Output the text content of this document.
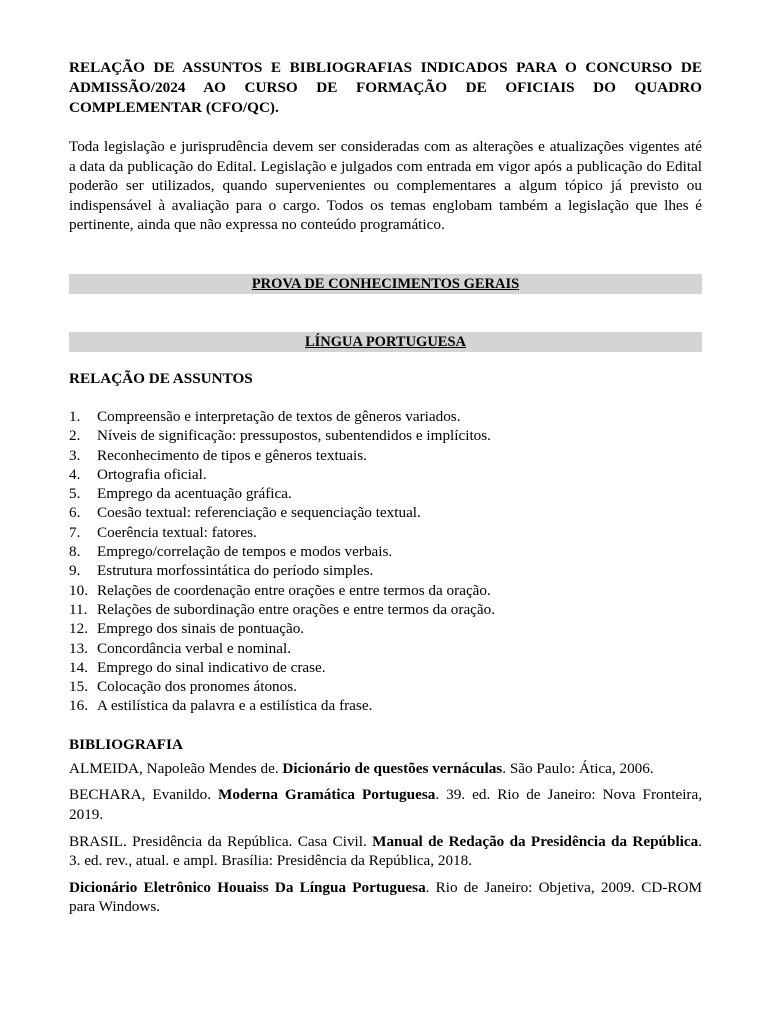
RELAÇÃO DE ASSUNTOS E BIBLIOGRAFIAS INDICADOS PARA O CONCURSO DE
ADMISSÃO/2024 AO CURSO DE FORMAÇÃO DE OFICIAIS DO QUADRO
COMPLEMENTAR (CFO/QC).
Toda legislação e jurisprudência devem ser consideradas com as alterações e atualizações vigentes até
a data da publicação do Edital. Legislação e julgados com entrada em vigor após a publicação do Edital
poderão ser utilizados, quando supervenientes ou complementares a algum tópico já previsto ou
indispensável à avaliação para o cargo. Todos os temas englobam também a legislação que lhes é
pertinente, ainda que não expressa no conteúdo programático.
PROVA DE CONHECIMENTOS GERAIS
LÍNGUA PORTUGUESA
RELAÇÃO DE ASSUNTOS
1.	Compreensão e interpretação de textos de gêneros variados.
2.	Níveis de significação: pressupostos, subentendidos e implícitos.
3.	Reconhecimento de tipos e gêneros textuais.
4.	Ortografia oficial.
5.	Emprego da acentuação gráfica.
6.	Coesão textual: referenciação e sequenciação textual.
7.	Coerência textual: fatores.
8.	Emprego/correlação de tempos e modos verbais.
9.	Estrutura morfossintática do período simples.
10. Relações de coordenação entre orações e entre termos da oração.
11. Relações de subordinação entre orações e entre termos da oração.
12. Emprego dos sinais de pontuação.
13. Concordância verbal e nominal.
14. Emprego do sinal indicativo de crase.
15. Colocação dos pronomes átonos.
16. A estilística da palavra e a estilística da frase.
BIBLIOGRAFIA
ALMEIDA, Napoleão Mendes de. Dicionário de questões vernáculas. São Paulo: Ática, 2006.
BECHARA, Evanildo. Moderna Gramática Portuguesa. 39. ed. Rio de Janeiro: Nova Fronteira,
2019.
BRASIL. Presidência da República. Casa Civil. Manual de Redação da Presidência da República.
3. ed. rev., atual. e ampl. Brasília: Presidência da República, 2018.
Dicionário Eletrônico Houaiss Da Língua Portuguesa. Rio de Janeiro: Objetiva, 2009. CD-ROM
para Windows.
